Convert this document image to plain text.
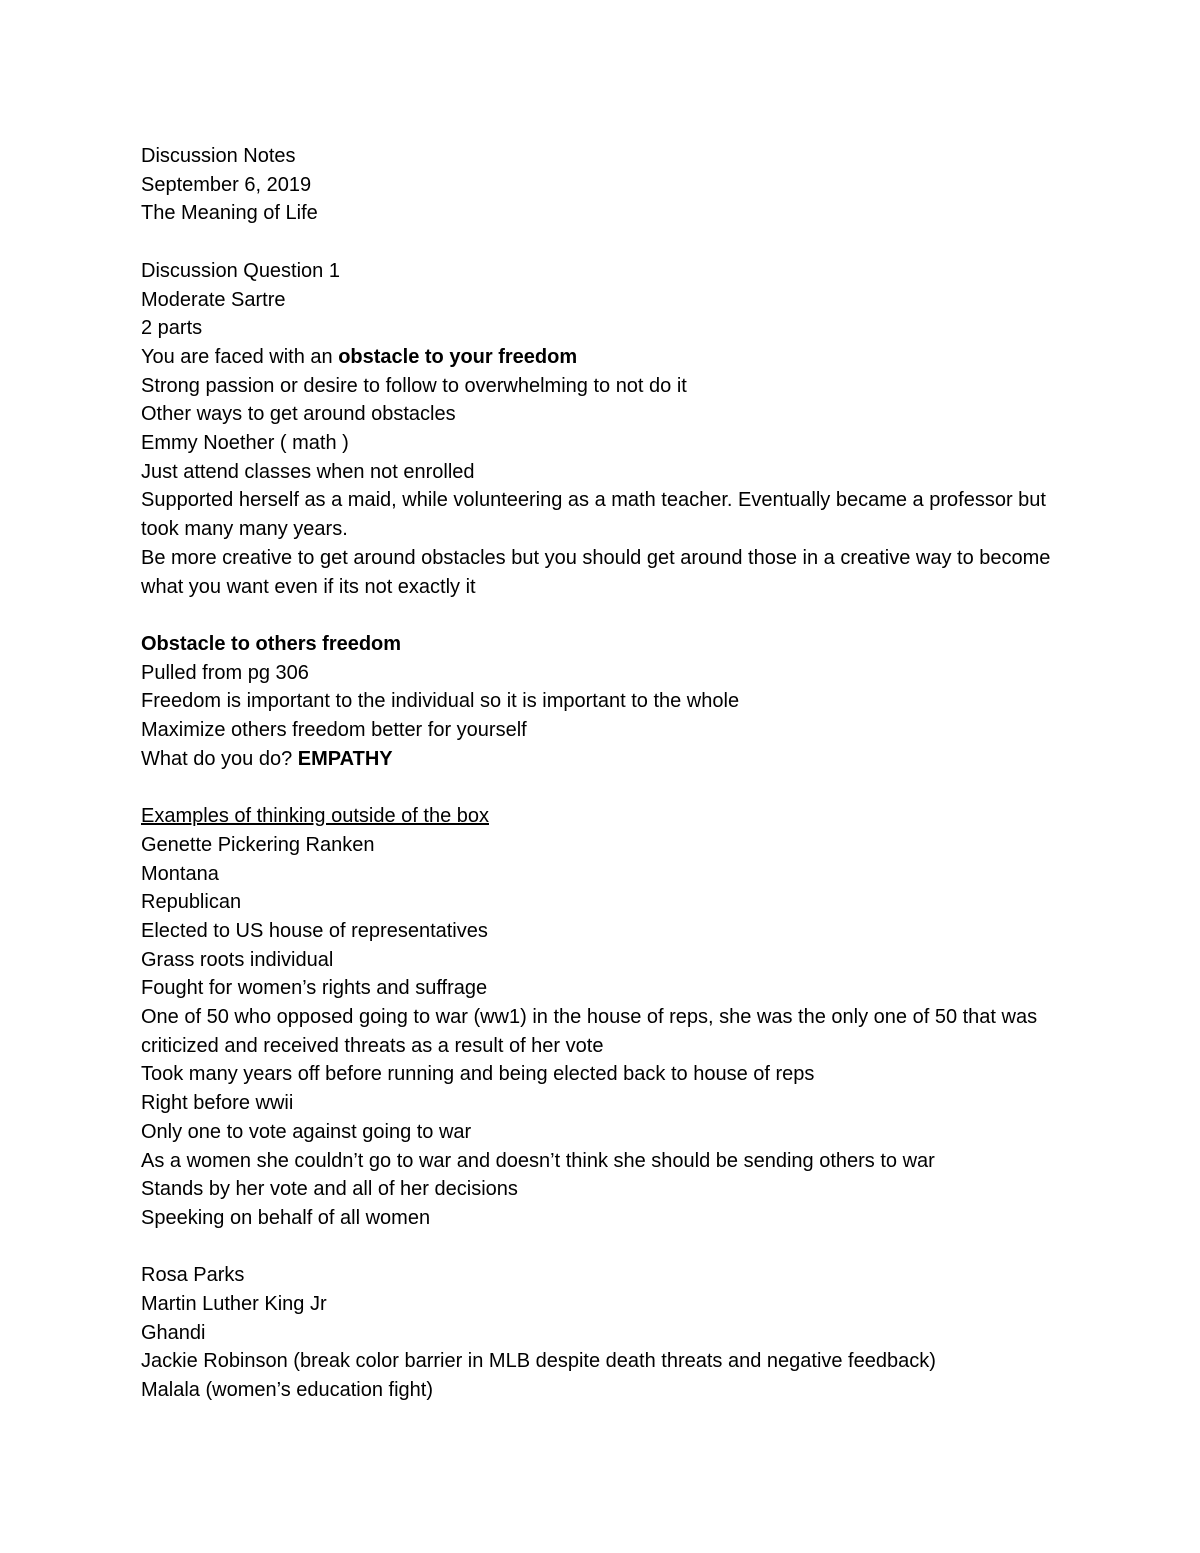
Discussion Notes

September 6, 2019

The Meaning of Life

Discussion Question 1

Moderate Sartre

2 parts

You are faced with an obstacle to your freedom

Strong passion or desire to follow to overwhelming to not do it

Other ways to get around obstacles

Emmy Noether ( math )

Just attend classes when not enrolled

Supported herself as a maid, while volunteering as a math teacher. Eventually became a professor but took many many years.

Be more creative to get around obstacles but you should get around those in a creative way to become what you want even if its not exactly it

Obstacle to others freedom

Pulled from pg 306

Freedom is important to the individual so it is important to the whole

Maximize others freedom better for yourself

What do you do? EMPATHY

Examples of thinking outside of the box

Genette Pickering Ranken

Montana

Republican

Elected to US house of representatives

Grass roots individual

Fought for women’s rights and suffrage

One of 50 who opposed going to war (ww1) in the house of reps, she was the only one of 50 that was criticized and received threats as a result of her vote

Took many years off before running and being elected back to house of reps

Right before wwii

Only one to vote against going to war

As a women she couldn’t go to war and doesn’t think she should be sending others to war

Stands by her vote and all of her decisions

Speeking on behalf of all women

Rosa Parks

Martin Luther King Jr

Ghandi

Jackie Robinson (break color barrier in MLB despite death threats and negative feedback)

Malala (women’s education fight)
